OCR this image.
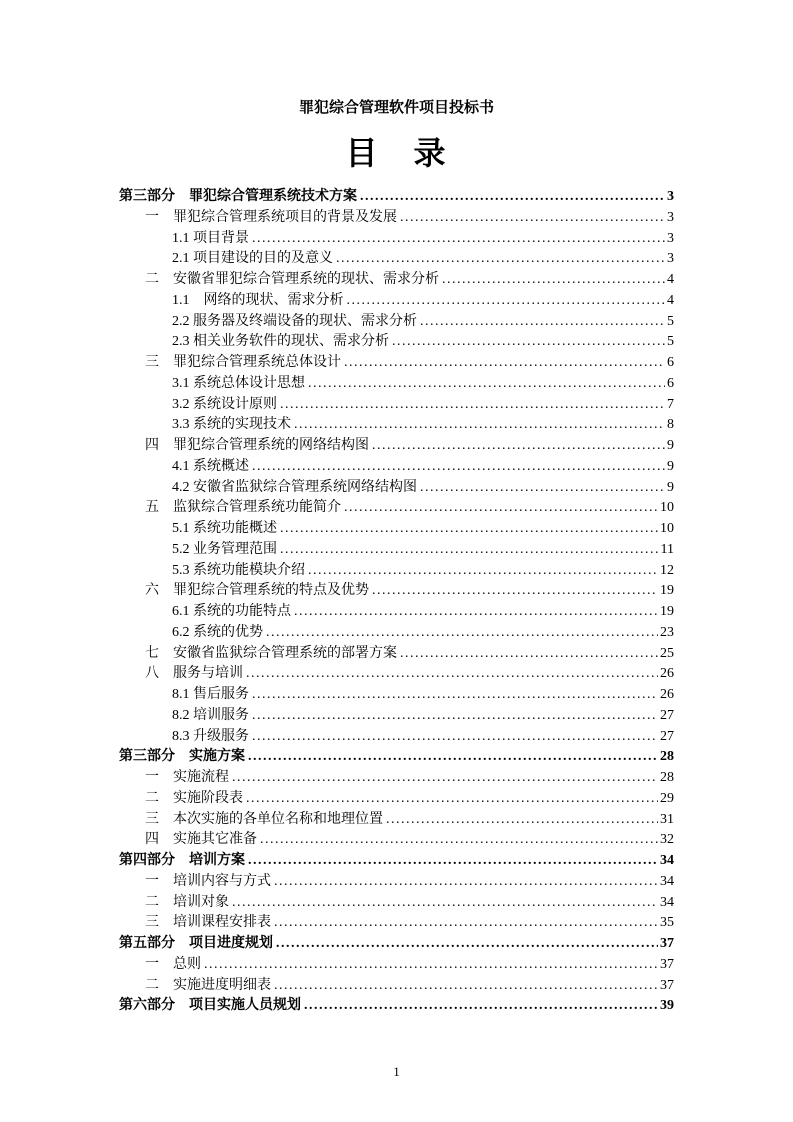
罪犯综合管理软件项目投标书
目　录
第三部分　罪犯综合管理系统技术方案 .....	3
一　罪犯综合管理系统项目的背景及发展 .....	3
1.1 项目背景 .....	3
2.1 项目建设的目的及意义 .....	3
二　安徽省罪犯综合管理系统的现状、需求分析 .....	4
1.1　网络的现状、需求分析 .....	4
2.2 服务器及终端设备的现状、需求分析 .....	5
2.3 相关业务软件的现状、需求分析 .....	5
三　罪犯综合管理系统总体设计 .....	6
3.1 系统总体设计思想 .....	6
3.2 系统设计原则 .....	7
3.3 系统的实现技术 .....	8
四　罪犯综合管理系统的网络结构图 .....	9
4.1 系统概述 .....	9
4.2 安徽省监狱综合管理系统网络结构图 .....	9
五　监狱综合管理系统功能简介 .....	10
5.1 系统功能概述 .....	10
5.2 业务管理范围 .....	11
5.3 系统功能模块介绍 .....	12
六　罪犯综合管理系统的特点及优势 .....	19
6.1 系统的功能特点 .....	19
6.2 系统的优势 .....	23
七　安徽省监狱综合管理系统的部署方案 .....	25
八　服务与培训 .....	26
8.1 售后服务 .....	26
8.2 培训服务 .....	27
8.3 升级服务 .....	27
第三部分　实施方案 .....	28
一　实施流程 .....	28
二　实施阶段表 .....	29
三　本次实施的各单位名称和地理位置 .....	31
四　实施其它准备 .....	32
第四部分　培训方案 .....	34
一　培训内容与方式 .....	34
二　培训对象 .....	34
三　培训课程安排表 .....	35
第五部分　项目进度规划 .....	37
一　总则 .....	37
二　实施进度明细表 .....	37
第六部分　项目实施人员规划 .....	39
1
